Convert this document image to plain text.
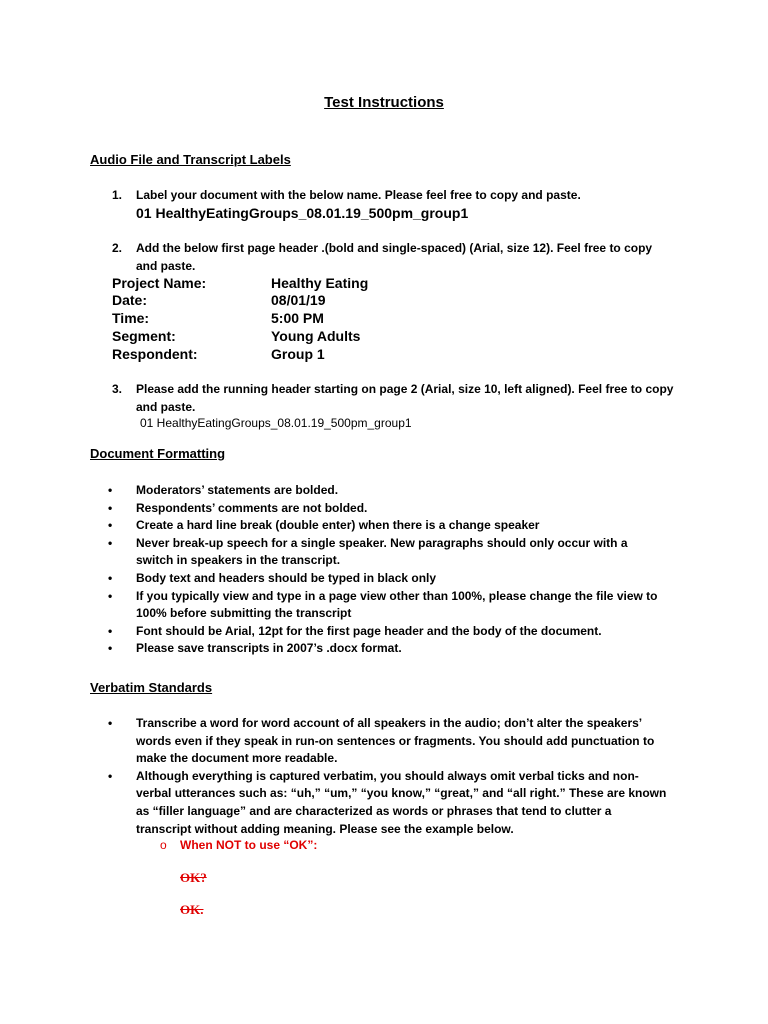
Test Instructions
Audio File and Transcript Labels
1. Label your document with the below name. Please feel free to copy and paste.
01 HealthyEatingGroups_08.01.19_500pm_group1
2. Add the below first page header .(bold and single-spaced) (Arial, size 12). Feel free to copy and paste.
Project Name:	Healthy Eating
Date:	08/01/19
Time:	5:00 PM
Segment:	Young Adults
Respondent:	Group 1
3. Please add the running header starting on page 2 (Arial, size 10, left aligned). Feel free to copy and paste.
01 HealthyEatingGroups_08.01.19_500pm_group1
Document Formatting
• Moderators’ statements are bolded.
• Respondents’ comments are not bolded.
• Create a hard line break (double enter) when there is a change speaker
• Never break-up speech for a single speaker. New paragraphs should only occur with a switch in speakers in the transcript.
• Body text and headers should be typed in black only
• If you typically view and type in a page view other than 100%, please change the file view to 100% before submitting the transcript
• Font should be Arial, 12pt for the first page header and the body of the document.
• Please save transcripts in 2007’s .docx format.
Verbatim Standards
• Transcribe a word for word account of all speakers in the audio; don’t alter the speakers’ words even if they speak in run-on sentences or fragments. You should add punctuation to make the document more readable.
• Although everything is captured verbatim, you should always omit verbal ticks and non-verbal utterances such as: “uh,” “um,” “you know,” “great,” and “all right.” These are known as “filler language” and are characterized as words or phrases that tend to clutter a transcript without adding meaning. Please see the example below.
o When NOT to use “OK”:
OK?
OK.
